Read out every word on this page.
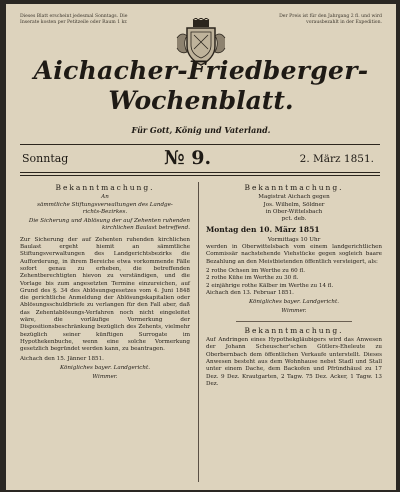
Dieses Blatt erscheint jedesmal Sonntags. Die Inserate kosten per Petitzeile oder Raum 1 kr.
Der Preis ist für den Jahrgang 2 fl. und wird vorausbezahlt in der Expedition.
Aichacher-Friedberger-
Wochenblatt.
Für Gott, König und Vaterland.
Sonntag	№ 9.	2. März 1851.
Bekanntmachung.
An
sämmtliche Stiftungsverwaltungen des Landge-
richts-Bezirkes.
Die Sicherung und Ablösung der auf Zehenten ruhenden kirchlichen Baulast betreffend.

Zur Sicherung der auf Zehenten ruhenden kirchlichen Baulast ergeht hiemit an sämmtliche Stiftungsverwaltungen des Landgerichtsbezirks die Aufforderung, in ihrem Bereiche etwa vorkommende Fälle sofort genau zu erheben, die betreffenden Zehentberechtigten hievon zu verständigen, und die Vorlage bis zum angesetzten Termine einzureichen, auf Grund des §. 34 des Ablösungsgesetzes vom 4. Juni 1848 die gerichtliche Anmeldung der Ablösungskapitalien oder Ablösungsschuldbriefe zu verlangen für den Fall aber, daß das Zehentablösungs-Verfahren noch nicht eingeleitet wäre, die vorläufige Vormerkung der Dispositionsbeschränkung bezüglich des Zehents, vielmehr bezüglich seiner künftigen Surrogate im Hypothekenbuche, wenn eine solche Vormerkung gesetzlich begründet werden kann, zu beantragen.

Aichach den 15. Jänner 1851.
Königliches bayer. Landgericht.
Wimmer.
Bekanntmachung.
Magistrat Aichach gegen
Jos. Wilhelm, Söldner
in Ober-Wittelsbach
pct. deb.
Montag den 10. März 1851
Vormittags 10 Uhr

werden in Oberwittelsbach vom einem landgerichtlichen Commissär nachstehende Viehstücke gegen sogleich baare Bezahlung an den Meistbietenden öffentlich versteigert, als:

2 rothe Ochsen im Werthe zu 60 fl.
2 rothe Kühe im Werthe zu 30 fl.
2 einjährige rothe Kälber im Werthe zu 14 fl.
Aichach den 13. Februar 1851.
Königliches bayer. Landgericht.
Wimmer.
Bekanntmachung.

Auf Andringen eines Hypothekgläubigers wird das Anwesen der Johann Scheuscher'schen Gütlers-Eheleute zu Oberbernbach dem öffentlichen Verkaufe unterstellt. Dieses Anwesen besteht aus dem Wohnhause nebst Stadl und Stall unter einem Dache, dem Backofen und Pfründhäusl zu 17 Dez. 9 Dez. Krautgarten, 2 Tagw. 75 Dez. Acker, 1 Tagw. 13 Dez.
